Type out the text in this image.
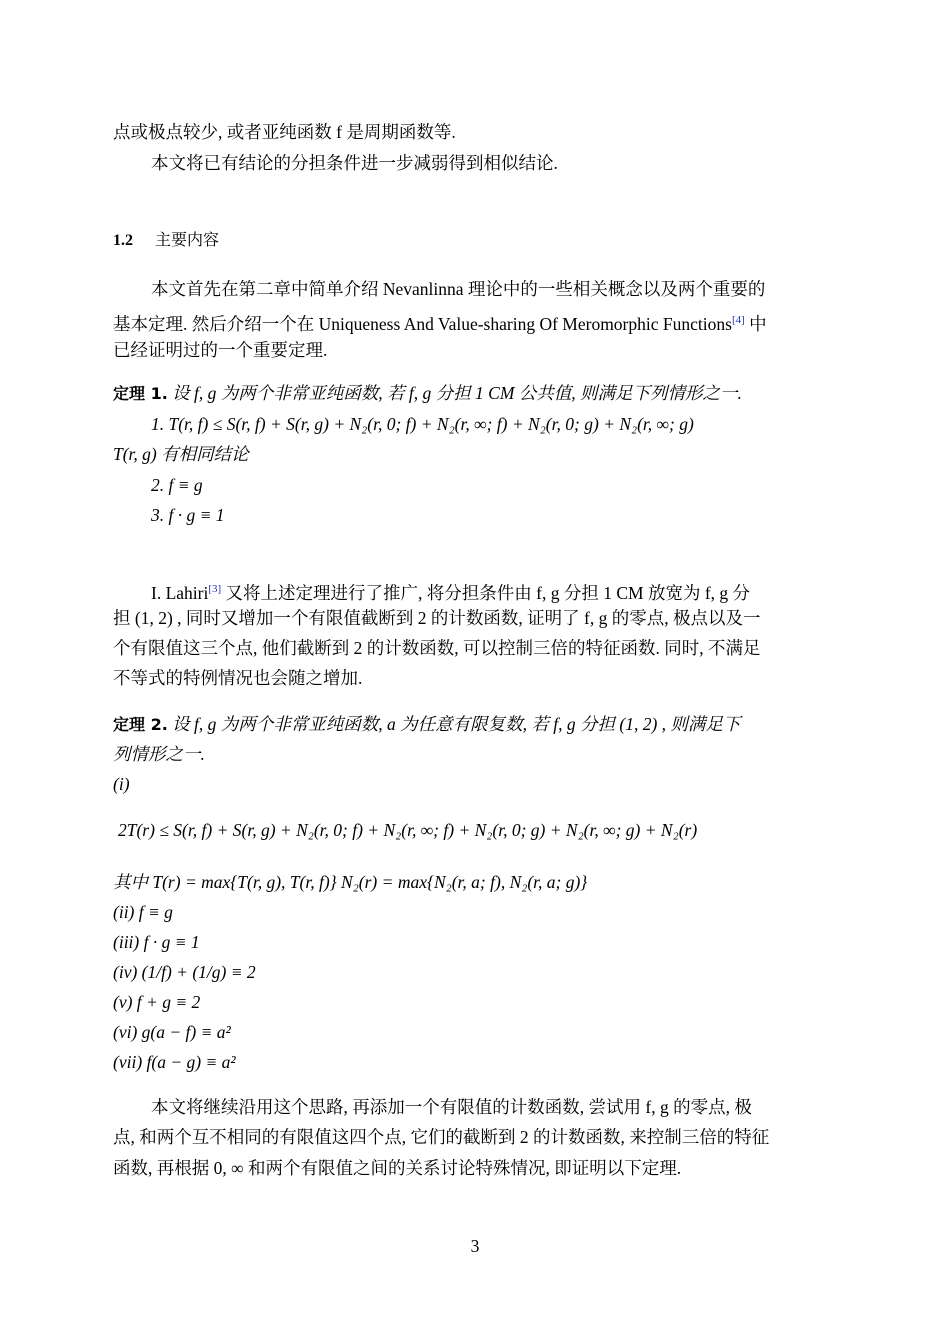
点或极点较少, 或者亚纯函数 f 是周期函数等.
本文将已有结论的分担条件进一步减弱得到相似结论.
1.2 主要内容
本文首先在第二章中简单介绍 Nevanlinna 理论中的一些相关概念以及两个重要的
基本定理. 然后介绍一个在 Uniqueness And Value-sharing Of Meromorphic Functions[4] 中
已经证明过的一个重要定理.
定理 1. 设 f, g 为两个非常亚纯函数, 若 f, g 分担 1 CM 公共值, 则满足下列情形之一.
1. T(r, f) ≤ S(r, f) + S(r, g) + N₂(r, 0; f) + N₂(r, ∞; f) + N₂(r, 0; g) + N₂(r, ∞; g)
T(r, g) 有相同结论
2. f ≡ g
3. f · g ≡ 1
I. Lahiri[3] 又将上述定理进行了推广, 将分担条件由 f, g 分担 1 CM 放宽为 f, g 分
担 (1, 2) , 同时又增加一个有限值截断到 2 的计数函数, 证明了 f, g 的零点, 极点以及一
个有限值这三个点, 他们截断到 2 的计数函数, 可以控制三倍的特征函数. 同时, 不满足
不等式的特例情况也会随之增加.
定理 2. 设 f, g 为两个非常亚纯函数, a 为任意有限复数, 若 f, g 分担 (1, 2) , 则满足下
列情形之一.
(i)
2T(r) ≤ S(r, f) + S(r, g) + N₂(r, 0; f) + N₂(r, ∞; f) + N₂(r, 0; g) + N₂(r, ∞; g) + N₂(r)
其中 T(r) = max{T(r, g), T(r, f)} N₂(r) = max{N₂(r, a; f), N₂(r, a; g)}
(ii) f ≡ g
(iii) f · g ≡ 1
(iv) (1/f) + (1/g) ≡ 2
(v) f + g ≡ 2
(vi) g(a − f) ≡ a²
(vii) f(a − g) ≡ a²
本文将继续沿用这个思路, 再添加一个有限值的计数函数, 尝试用 f, g 的零点, 极
点, 和两个互不相同的有限值这四个点, 它们的截断到 2 的计数函数, 来控制三倍的特征
函数, 再根据 0, ∞ 和两个有限值之间的关系讨论特殊情况, 即证明以下定理.
3
